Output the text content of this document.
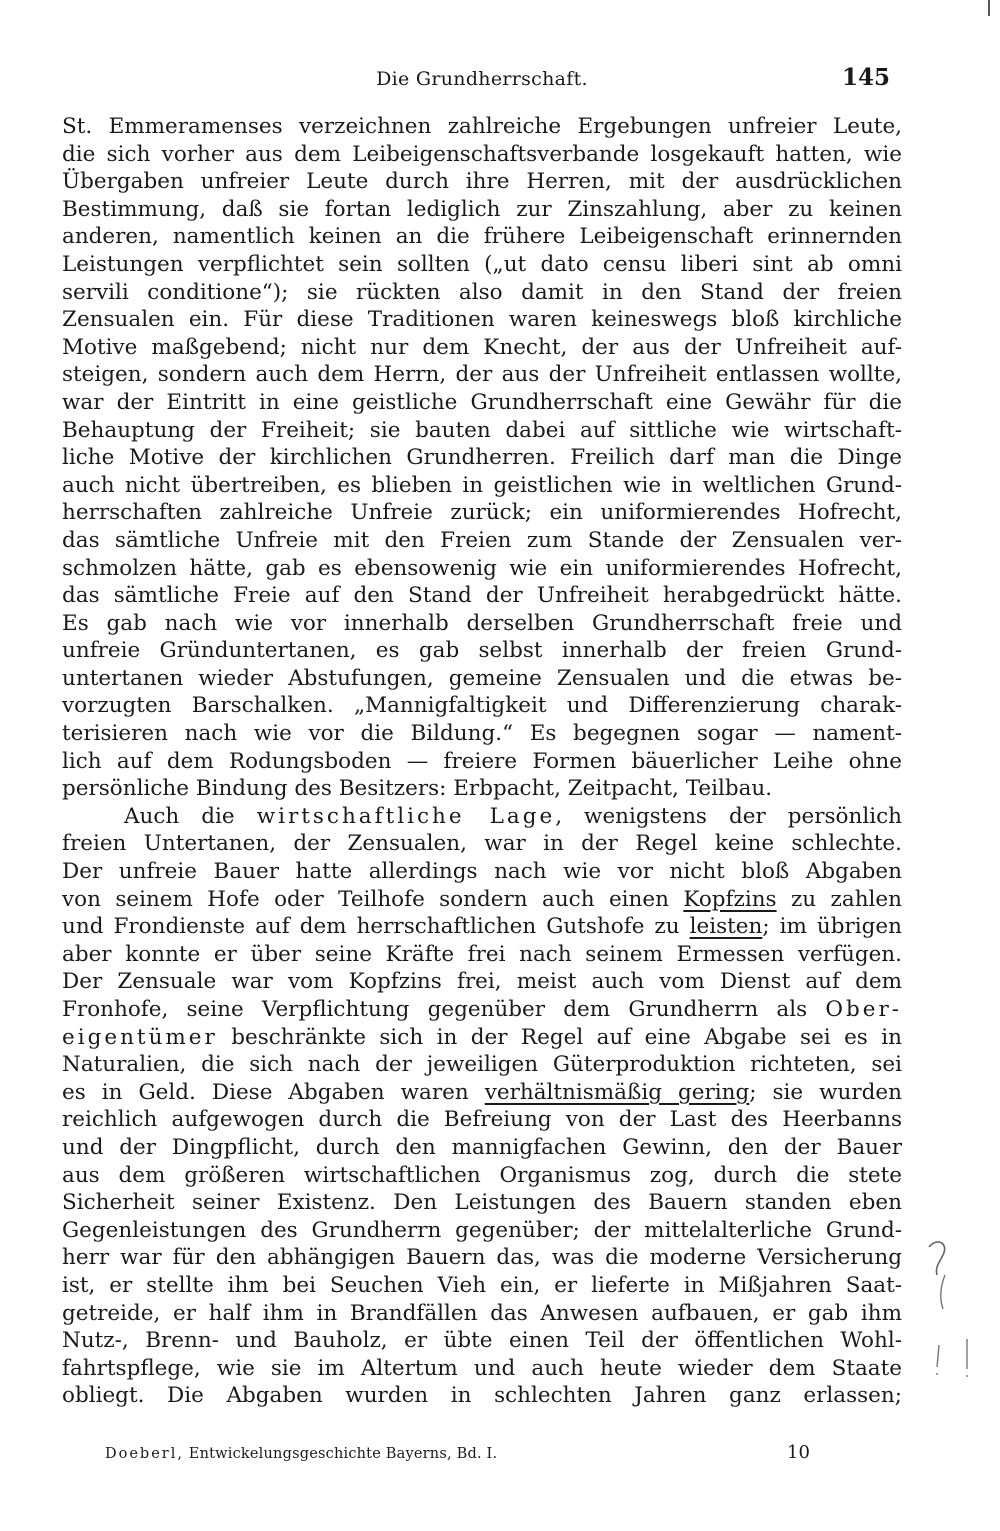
Die Grundherrschaft.	145
St. Emmeramenses verzeichnen zahlreiche Ergebungen unfreier Leute,
die sich vorher aus dem Leibeigenschaftsverbande losgekauft hatten, wie
Übergaben unfreier Leute durch ihre Herren, mit der ausdrücklichen
Bestimmung, daß sie fortan lediglich zur Zinszahlung, aber zu keinen
anderen, namentlich keinen an die frühere Leibeigenschaft erinnernden
Leistungen verpflichtet sein sollten („ut dato censu liberi sint ab omni
servili conditione“); sie rückten also damit in den Stand der freien
Zensualen ein. Für diese Traditionen waren keineswegs bloß kirchliche
Motive maßgebend; nicht nur dem Knecht, der aus der Unfreiheit auf-
steigen, sondern auch dem Herrn, der aus der Unfreiheit entlassen wollte,
war der Eintritt in eine geistliche Grundherrschaft eine Gewähr für die
Behauptung der Freiheit; sie bauten dabei auf sittliche wie wirtschaft-
liche Motive der kirchlichen Grundherren. Freilich darf man die Dinge
auch nicht übertreiben, es blieben in geistlichen wie in weltlichen Grund-
herrschaften zahlreiche Unfreie zurück; ein uniformierendes Hofrecht,
das sämtliche Unfreie mit den Freien zum Stande der Zensualen ver-
schmolzen hätte, gab es ebensowenig wie ein uniformierendes Hofrecht,
das sämtliche Freie auf den Stand der Unfreiheit herabgedrückt hätte.
Es gab nach wie vor innerhalb derselben Grundherrschaft freie und
unfreie Gründuntertanen, es gab selbst innerhalb der freien Grund-
untertanen wieder Abstufungen, gemeine Zensualen und die etwas be-
vorzugten Barschalken. „Mannigfaltigkeit und Differenzierung charak-
terisieren nach wie vor die Bildung.“ Es begegnen sogar — nament-
lich auf dem Rodungsboden — freiere Formen bäuerlicher Leihe ohne
persönliche Bindung des Besitzers: Erbpacht, Zeitpacht, Teilbau.
Auch die wirtschaftliche Lage, wenigstens der persönlich
freien Untertanen, der Zensualen, war in der Regel keine schlechte.
Der unfreie Bauer hatte allerdings nach wie vor nicht bloß Abgaben
von seinem Hofe oder Teilhofe sondern auch einen Kopfzins zu zahlen
und Frondienste auf dem herrschaftlichen Gutshofe zu leisten; im übrigen
aber konnte er über seine Kräfte frei nach seinem Ermessen verfügen.
Der Zensuale war vom Kopfzins frei, meist auch vom Dienst auf dem
Fronhofe, seine Verpflichtung gegenüber dem Grundherrn als Ober-
eigentümer beschränkte sich in der Regel auf eine Abgabe sei es in
Naturalien, die sich nach der jeweiligen Güterproduktion richteten, sei
es in Geld. Diese Abgaben waren verhältnismäßig gering; sie wurden
reichlich aufgewogen durch die Befreiung von der Last des Heerbanns
und der Dingpflicht, durch den mannigfachen Gewinn, den der Bauer
aus dem größeren wirtschaftlichen Organismus zog, durch die stete
Sicherheit seiner Existenz. Den Leistungen des Bauern standen eben
Gegenleistungen des Grundherrn gegenüber; der mittelalterliche Grund-
herr war für den abhängigen Bauern das, was die moderne Versicherung
ist, er stellte ihm bei Seuchen Vieh ein, er lieferte in Mißjahren Saat-
getreide, er half ihm in Brandfällen das Anwesen aufbauen, er gab ihm
Nutz-, Brenn- und Bauholz, er übte einen Teil der öffentlichen Wohl-
fahrtspflege, wie sie im Altertum und auch heute wieder dem Staate
obliegt. Die Abgaben wurden in schlechten Jahren ganz erlassen;
Doeberl, Entwickelungsgeschichte Bayerns, Bd. I.	10
